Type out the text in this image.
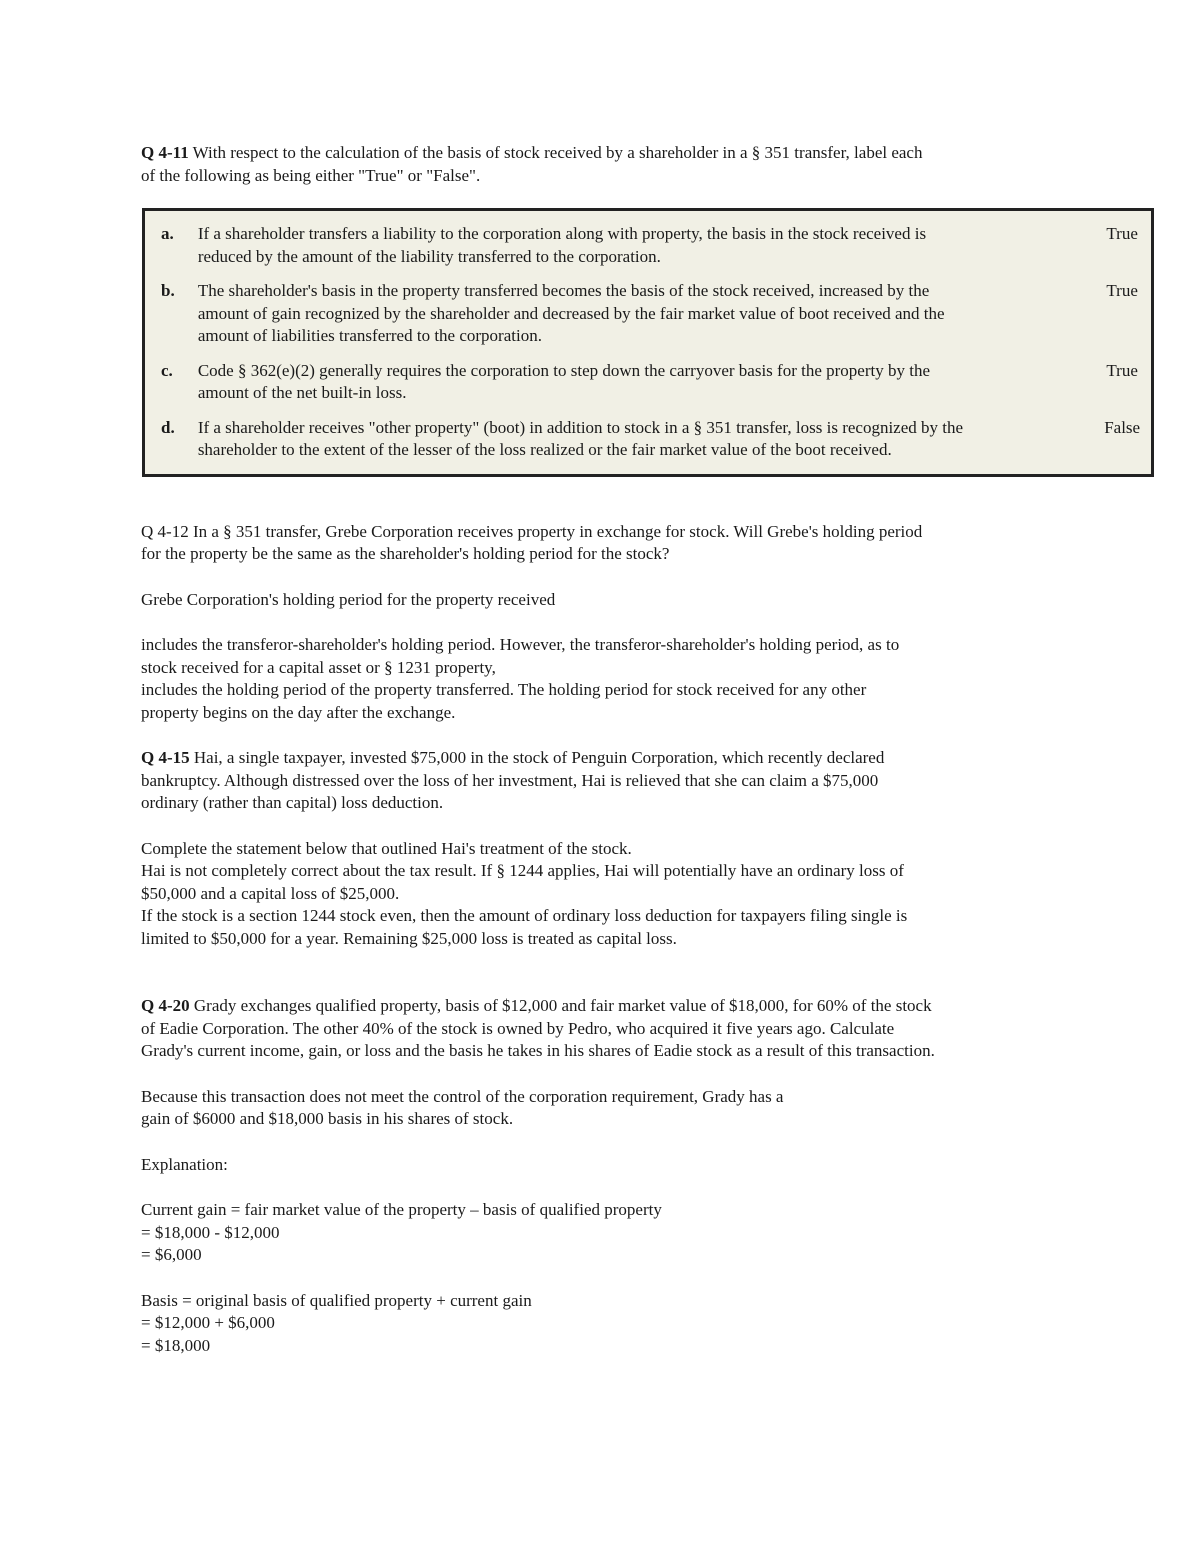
Q 4-11 With respect to the calculation of the basis of stock received by a shareholder in a § 351 transfer, label each
of the following as being either "True" or "False".

a.	If a shareholder transfers a liability to the corporation along with property, the basis in the stock received is
reduced by the amount of the liability transferred to the corporation.
True
b.	The shareholder's basis in the property transferred becomes the basis of the stock received, increased by the
amount of gain recognized by the shareholder and decreased by the fair market value of boot received and the
amount of liabilities transferred to the corporation.
True
c.	Code § 362(e)(2) generally requires the corporation to step down the carryover basis for the property by the
amount of the net built-in loss.
True
d.	If a shareholder receives "other property" (boot) in addition to stock in a § 351 transfer, loss is recognized by the
shareholder to the extent of the lesser of the loss realized or the fair market value of the boot received.
False

Q 4-12 In a § 351 transfer, Grebe Corporation receives property in exchange for stock. Will Grebe's holding period
for the property be the same as the shareholder's holding period for the stock?

Grebe Corporation's holding period for the property received

includes the transferor-shareholder's holding period. However, the transferor-shareholder's holding period, as to
stock received for a capital asset or § 1231 property,
includes the holding period of the property transferred. The holding period for stock received for any other
property begins on the day after the exchange.

Q 4-15 Hai, a single taxpayer, invested $75,000 in the stock of Penguin Corporation, which recently declared
bankruptcy. Although distressed over the loss of her investment, Hai is relieved that she can claim a $75,000
ordinary (rather than capital) loss deduction.

Complete the statement below that outlined Hai's treatment of the stock.
Hai is not completely correct about the tax result. If § 1244 applies, Hai will potentially have an ordinary loss of
$50,000 and a capital loss of $25,000.
If the stock is a section 1244 stock even, then the amount of ordinary loss deduction for taxpayers filing single is
limited to $50,000 for a year. Remaining $25,000 loss is treated as capital loss.

Q 4-20 Grady exchanges qualified property, basis of $12,000 and fair market value of $18,000, for 60% of the stock
of Eadie Corporation. The other 40% of the stock is owned by Pedro, who acquired it five years ago. Calculate
Grady's current income, gain, or loss and the basis he takes in his shares of Eadie stock as a result of this transaction.

Because this transaction does not meet the control of the corporation requirement, Grady has a
gain of $6000 and $18,000 basis in his shares of stock.

Explanation:

Current gain = fair market value of the property – basis of qualified property
= $18,000 - $12,000
= $6,000

Basis = original basis of qualified property + current gain
= $12,000 + $6,000
= $18,000
